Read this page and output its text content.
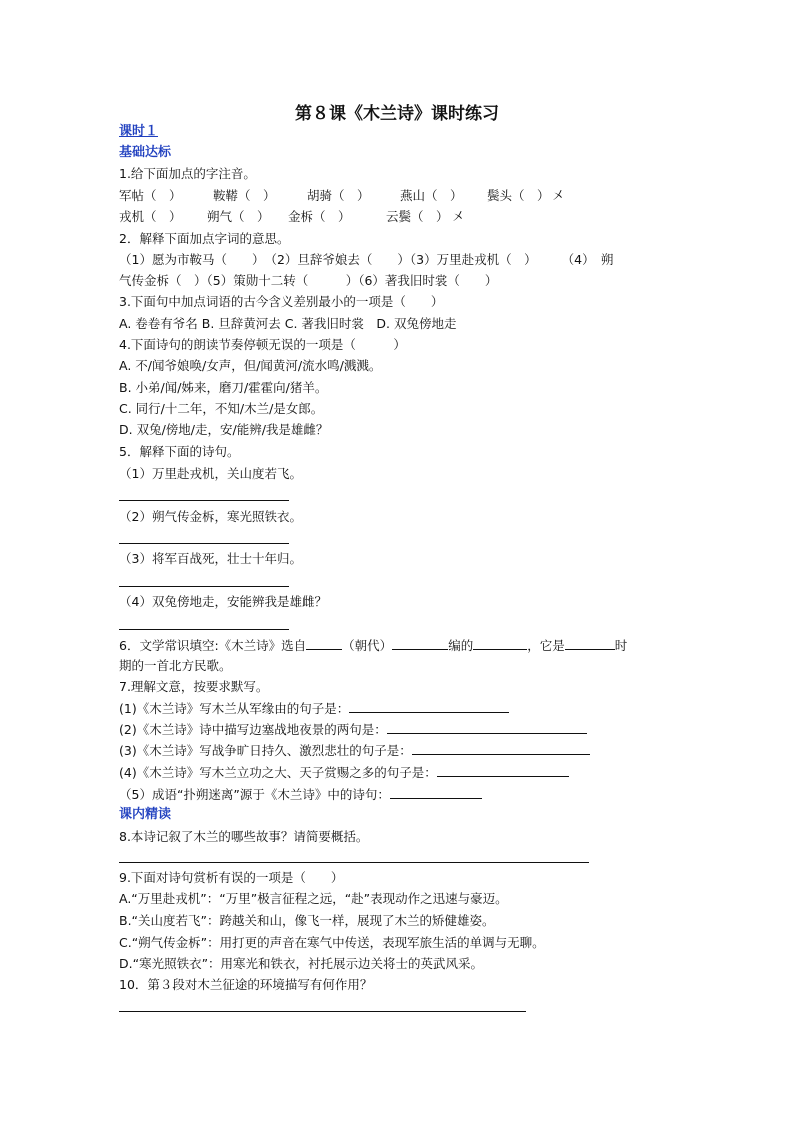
第８课《木兰诗》课时练习
课时１
基础达标
1.给下面加点的字注音。
军帖（　）	鞍鞯（　）	胡骑（　） 燕山（　） 鬓头（　） 㐅
戎机（　） 朔气（　） 金柝（　）	云鬓（　） 㐅
2．解释下面加点字词的意思。
（1）愿为市鞍马（　　）　（2）旦辞爷娘去（　　）（3）万里赴戎机（　）　　　（4）　朔
气传金柝（　）（5）策勋十二转（　　　）（6）著我旧时裳（　　）
3.下面句中加点词语的古今含义差别最小的一项是（　　）
A. 卷卷有爷名 B. 旦辞黄河去 C. 著我旧时裳　D. 双兔傍地走
4.下面诗句的朗读节奏停顿无误的一项是（　　　）
A. 不/闻爷娘唤/女声，但/闻黄河/流水鸣/溅溅。
B. 小弟/闻/姊来，磨刀/霍霍向/猪羊。
C. 同行/十二年，不知/木兰/是女郎。
D. 双兔/傍地/走，安/能辨/我是雄雌？
5．解释下面的诗句。
（1）万里赴戎机，关山度若飞。
（2）朔气传金柝，寒光照铁衣。
（3）将军百战死，壮士十年归。
（4）双兔傍地走，安能辨我是雄雌？
6．文学常识填空:《木兰诗》选自	（朝代）	编的	，它是	时
期的一首北方民歌。
7.理解文意，按要求默写。
(1)《木兰诗》写木兰从军缘由的句子是：
(2)《木兰诗》诗中描写边塞战地夜景的两句是：
(3)《木兰诗》写战争旷日持久、激烈悲壮的句子是：
(4)《木兰诗》写木兰立功之大、天子赏赐之多的句子是：
（5）成语“扑朔迷离”源于《木兰诗》中的诗句：
课内精读
8.本诗记叙了木兰的哪些故事？请简要概括。
9.下面对诗句赏析有误的一项是（　　）
A.“万里赴戎机”：“万里”极言征程之远，“赴”表现动作之迅速与豪迈。
B.“关山度若飞”：跨越关和山，像飞一样，展现了木兰的矫健雄姿。
C.“朔气传金柝”：用打更的声音在寒气中传送，表现军旅生活的单调与无聊。
D.“寒光照铁衣”：用寒光和铁衣，衬托展示边关将士的英武风采。
10．第３段对木兰征途的环境描写有何作用？
